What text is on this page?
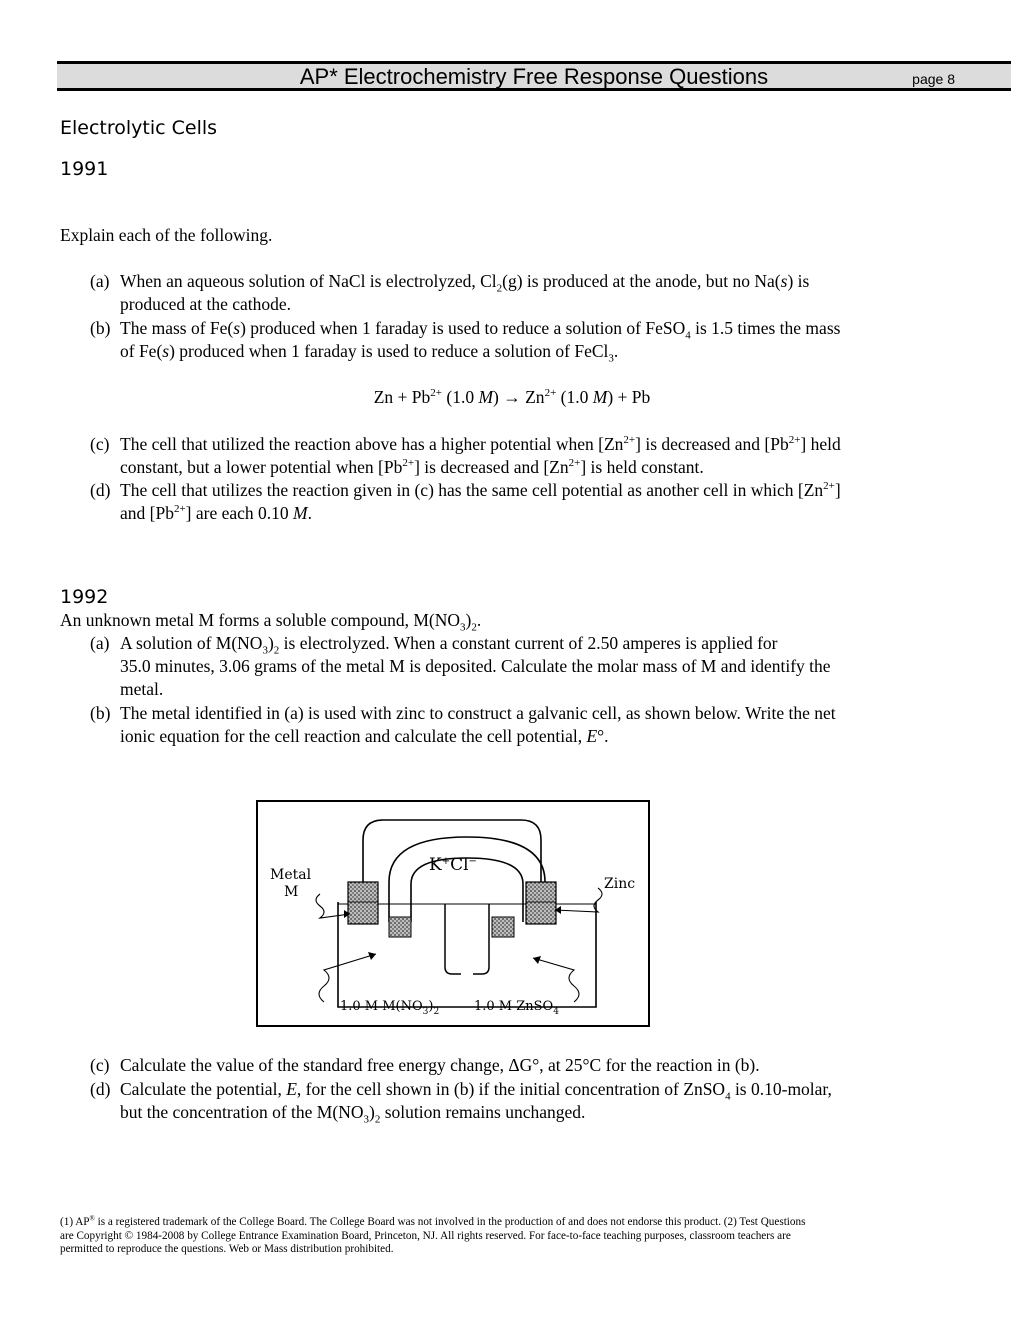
AP* Electrochemistry Free Response Questions	page 8
Electrolytic Cells
1991
Explain each of the following.
(a) When an aqueous solution of NaCl is electrolyzed, $Cl_2(g)$ is produced at the anode, but no Na(s) is
produced at the cathode.
(b) The mass of Fe(s) produced when 1 faraday is used to reduce a solution of FeSO$_4$ is 1.5 times the mass
of Fe(s) produced when 1 faraday is used to reduce a solution of FeCl$_3$.
$Zn + Pb^{2+}$ (1.0 $M) \to Zn^{2+}$ (1.0 M) + Pb
(c) The cell that utilized the reaction above has a higher potential when $[Zn^{2+}]$ is decreased and $[Pb^{2+}]$ held
constant, but a lower potential when $[Pb^{2+}]$ is decreased and $[Zn^{2+}]$ is held constant.
(d) The cell that utilizes the reaction given in (c) has the same cell potential as another cell in which $[Zn^{2+}]$
and $[Pb^{2+}]$ are each 0.10 M.
1992
An unknown metal M forms a soluble compound, $M(NO_3)_2$.
(a) A solution of $M(NO_3)_2$ is electrolyzed. When a constant current of 2.50 amperes is applied for
35.0 minutes, 3.06 grams of the metal M is deposited. Calculate the molar mass of M and identify the
metal.
(b) The metal identified in (a) is used with zinc to construct a galvanic cell, as shown below. Write the net
ionic equation for the cell reaction and calculate the cell potential, E°.
Metal
M	Zinc
K+Cl−
1.0 M $M(NO_3)_2$	1.0 M ZnSO$_4$
(c) Calculate the value of the standard free energy change, ΔG°, at 25°C for the reaction in (b).
(d) Calculate the potential, E, for the cell shown in (b) if the initial concentration of ZnSO$_4$ is 0.10-molar,
but the concentration of the $M(NO_3)_2$ solution remains unchanged.
(1) AP® is a registered trademark of the College Board. The College Board was not involved in the production of and does not endorse this product. (2) Test Questions
are Copyright © 1984-2008 by College Entrance Examination Board, Princeton, NJ. All rights reserved. For face-to-face teaching purposes, classroom teachers are
permitted to reproduce the questions. Web or Mass distribution prohibited.
